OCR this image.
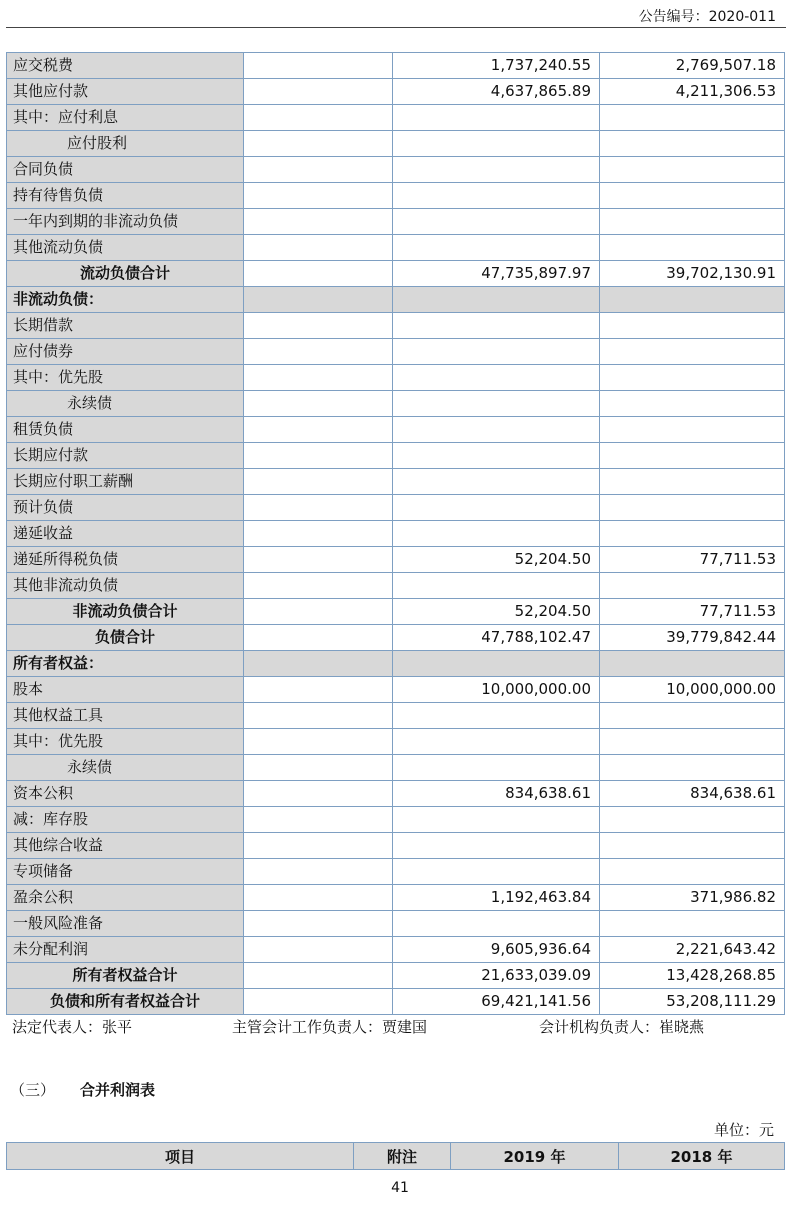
公告编号：2020-011
应交税费		1,737,240.55	2,769,507.18
其他应付款		4,637,865.89	4,211,306.53
其中：应付利息			
应付股利			
合同负债			
持有待售负债			
一年内到期的非流动负债			
其他流动负债			
流动负债合计		47,735,897.97	39,702,130.91
非流动负债：			
长期借款			
应付债券			
其中：优先股			
永续债			
租赁负债			
长期应付款			
长期应付职工薪酬			
预计负债			
递延收益			
递延所得税负债		52,204.50	77,711.53
其他非流动负债			
非流动负债合计		52,204.50	77,711.53
负债合计		47,788,102.47	39,779,842.44
所有者权益：			
股本		10,000,000.00	10,000,000.00
其他权益工具			
其中：优先股			
永续债			
资本公积		834,638.61	834,638.61
减：库存股			
其他综合收益			
专项储备			
盈余公积		1,192,463.84	371,986.82
一般风险准备			
未分配利润		9,605,936.64	2,221,643.42
所有者权益合计		21,633,039.09	13,428,268.85
负债和所有者权益合计		69,421,141.56	53,208,111.29
法定代表人：张平	主管会计工作负责人：贾建国	会计机构负责人：崔晓燕
（三） 合并利润表
单位：元
项目	附注	2019 年	2018 年
41
